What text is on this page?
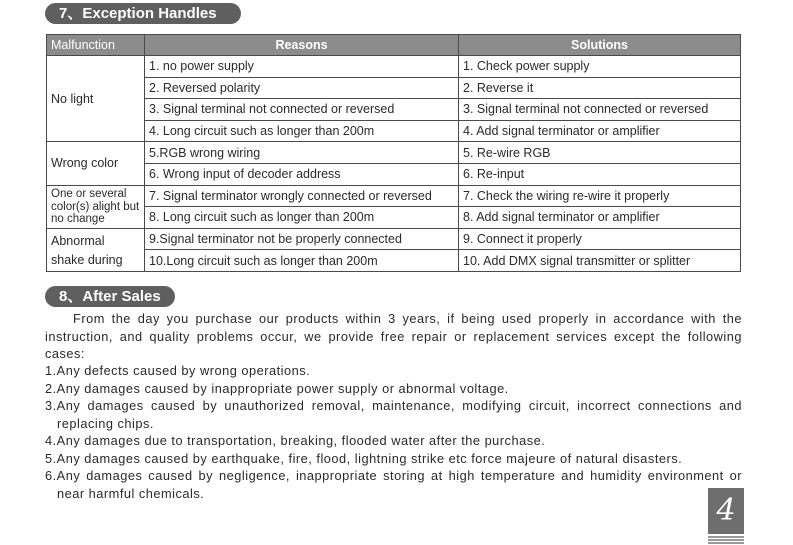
7、Exception Handles
Malfunction	Reasons	Solutions
No light	1. no power supply	1. Check power supply
	2. Reversed polarity	2. Reverse it
	3. Signal terminal not connected or reversed	3. Signal terminal not connected or reversed
	4. Long circuit such as longer than 200m	4. Add signal terminator or amplifier
Wrong color	5.RGB wrong wiring	5. Re-wire RGB
	6. Wrong input of decoder address	6. Re-input
One or several color(s) alight but no change	7. Signal terminator wrongly connected or reversed	7. Check the wiring re-wire it properly
	8. Long circuit such as longer than 200m	8. Add signal terminator or amplifier
Abnormal shake during	9.Signal terminator not be properly connected	9. Connect it properly
	10.Long circuit such as longer than 200m	10. Add DMX signal transmitter or splitter
8、After Sales
From the day you purchase our products within 3 years, if being used properly in accordance with the
instruction, and quality problems occur, we provide free repair or replacement services except the following cases:
1.Any defects caused by wrong operations.
2.Any damages caused by inappropriate power supply or abnormal voltage.
3.Any damages caused by unauthorized removal, maintenance, modifying circuit, incorrect connections and replacing chips.
4.Any damages due to transportation, breaking, flooded water after the purchase.
5.Any damages caused by earthquake, fire, flood, lightning strike etc force majeure of natural disasters.
6.Any damages caused by negligence, inappropriate storing at high temperature and humidity environment or near harmful chemicals.	4
